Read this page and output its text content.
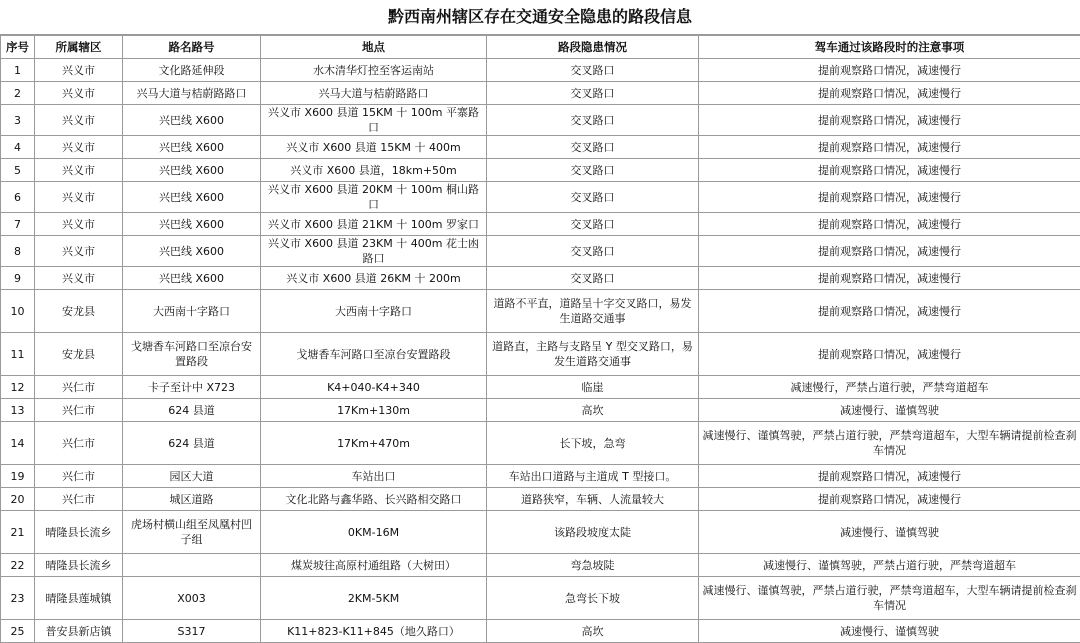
黔西南州辖区存在交通安全隐患的路段信息
序号	所属辖区	路名路号	地点	路段隐患情况	驾车通过该路段时的注意事项
1	兴义市	文化路延伸段	水木清华灯控至客运南站	交叉路口	提前观察路口情况，减速慢行
2	兴义市	兴马大道与桔蔚路路口	兴马大道与桔蔚路路口	交叉路口	提前观察路口情况，减速慢行
3	兴义市	兴巴线 X600	兴义市 X600 县道 15KM 十 100m 平寨路口	交叉路口	提前观察路口情况，减速慢行
4	兴义市	兴巴线 X600	兴义市 X600 县道 15KM 十 400m	交叉路口	提前观察路口情况，减速慢行
5	兴义市	兴巴线 X600	兴义市 X600 县道，18km+50m	交叉路口	提前观察路口情况，减速慢行
6	兴义市	兴巴线 X600	兴义市 X600 县道 20KM 十 100m 桐山路口	交叉路口	提前观察路口情况，减速慢行
7	兴义市	兴巴线 X600	兴义市 X600 县道 21KM 十 100m 罗家口	交叉路口	提前观察路口情况，减速慢行
8	兴义市	兴巴线 X600	兴义市 X600 县道 23KM 十 400m 花士凼路口	交叉路口	提前观察路口情况，减速慢行
9	兴义市	兴巴线 X600	兴义市 X600 县道 26KM 十 200m	交叉路口	提前观察路口情况，减速慢行
10	安龙县	大西南十字路口	大西南十字路口	道路不平直，道路呈十字交叉路口，易发生道路交通事	提前观察路口情况，减速慢行
11	安龙县	戈塘香车河路口至凉台安置路段	戈塘香车河路口至凉台安置路段	道路直，主路与支路呈 Y 型交叉路口，易发生道路交通事	提前观察路口情况，减速慢行
12	兴仁市	卡子至计中 X723	K4+040-K4+340	临崖	减速慢行，严禁占道行驶，严禁弯道超车
13	兴仁市	624 县道	17Km+130m	高坎	减速慢行、谨慎驾驶
14	兴仁市	624 县道	17Km+470m	长下坡，急弯	减速慢行、谨慎驾驶，严禁占道行驶，严禁弯道超车，大型车辆请提前检查刹车情况
19	兴仁市	园区大道	车站出口	车站出口道路与主道成 T 型接口。	提前观察路口情况，减速慢行
20	兴仁市	城区道路	文化北路与鑫华路、长兴路相交路口	道路狭窄，车辆、人流量较大	提前观察路口情况，减速慢行
21	晴隆县长流乡	虎场村横山组至凤凰村凹子组	0KM-16M	该路段坡度太陡	减速慢行、谨慎驾驶
22	晴隆县长流乡		煤炭坡往高原村通组路（大树田）	弯急坡陡	减速慢行、谨慎驾驶，严禁占道行驶，严禁弯道超车
23	晴隆县莲城镇	X003	2KM-5KM	急弯长下坡	减速慢行、谨慎驾驶，严禁占道行驶，严禁弯道超车，大型车辆请提前检查刹车情况
25	普安县新店镇	S317	K11+823-K11+845（地久路口）	高坎	减速慢行、谨慎驾驶
